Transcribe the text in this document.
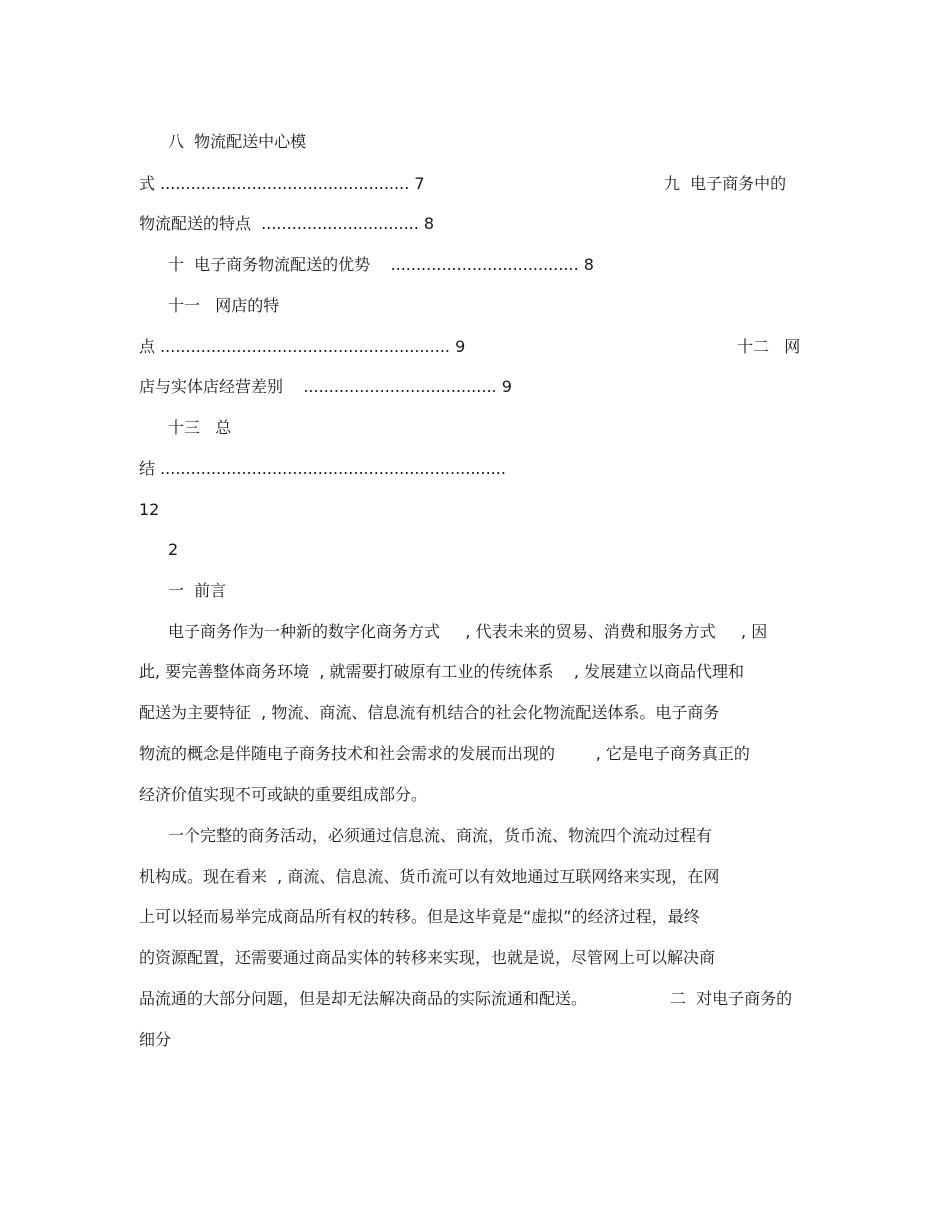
八  物流配送中心模
式 ................................................. 7	九  电子商务中的
物流配送的特点  ............................... 8
十  电子商务物流配送的优势    ..................................... 8
十一   网店的特
点 ......................................................... 9	十二   网
店与实体店经营差别    ...................................... 9
十三   总
结 ....................................................................
12
2
一  前言
电子商务作为一种新的数字化商务方式     , 代表未来的贸易、消费和服务方式     , 因
此, 要完善整体商务环境  , 就需要打破原有工业的传统体系    , 发展建立以商品代理和
配送为主要特征  , 物流、商流、信息流有机结合的社会化物流配送体系。电子商务
物流的概念是伴随电子商务技术和社会需求的发展而出现的        , 它是电子商务真正的
经济价值实现不可或缺的重要组成部分。
一个完整的商务活动，必须通过信息流、商流，货币流、物流四个流动过程有
机构成。现在看来  , 商流、信息流、货币流可以有效地通过互联网络来实现，在网
上可以轻而易举完成商品所有权的转移。但是这毕竟是“虚拟”的经济过程，最终
的资源配置，还需要通过商品实体的转移来实现，也就是说，尽管网上可以解决商
品流通的大部分问题，但是却无法解决商品的实际流通和配送。	二  对电子商务的
细分
